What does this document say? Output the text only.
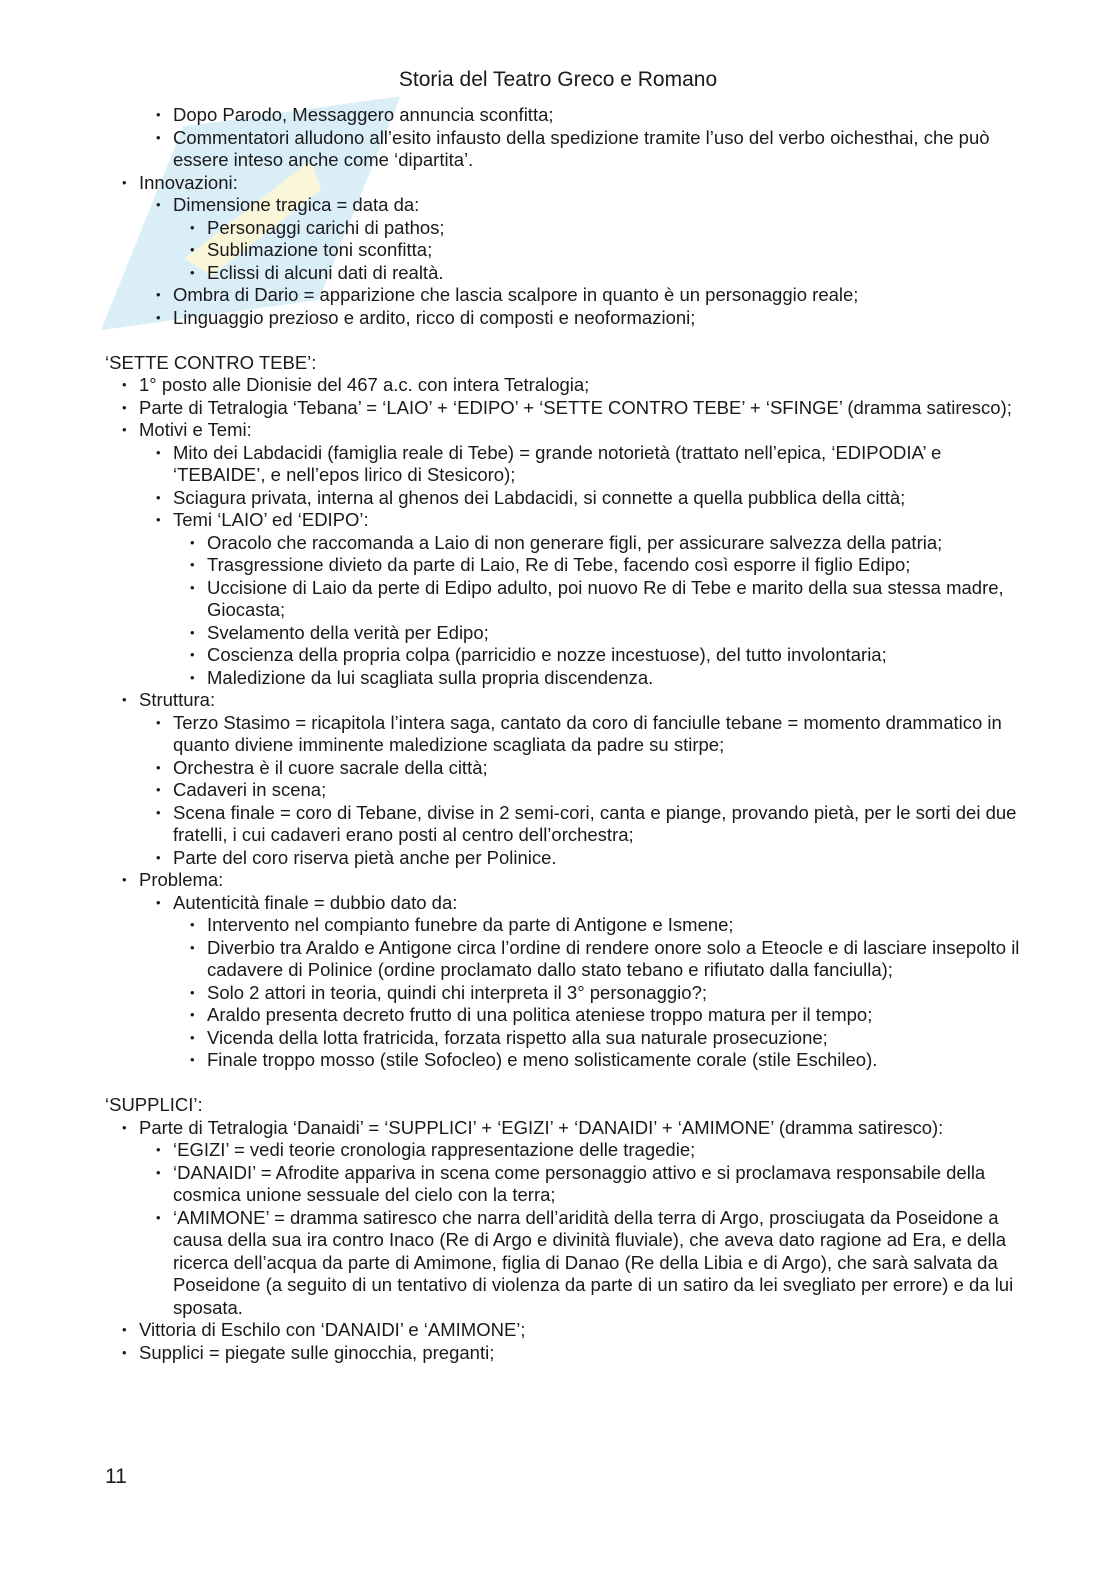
Storia del Teatro Greco e Romano
• Dopo Parodo, Messaggero annuncia sconfitta;
• Commentatori alludono all’esito infausto della spedizione tramite l’uso del verbo oichesthai, che può essere inteso anche come ‘dipartita’.
• Innovazioni:
• Dimensione tragica = data da:
• Personaggi carichi di pathos;
• Sublimazione toni sconfitta;
• Eclissi di alcuni dati di realtà.
• Ombra di Dario = apparizione che lascia scalpore in quanto è un personaggio reale;
• Linguaggio prezioso e ardito, ricco di composti e neoformazioni;

‘SETTE CONTRO TEBE’:

• 1° posto alle Dionisie del 467 a.c. con intera Tetralogia;
• Parte di Tetralogia ‘Tebana’ = ‘LAIO’ + ‘EDIPO’ + ‘SETTE CONTRO TEBE’ + ‘SFINGE’ (dramma satiresco);
• Motivi e Temi:
• Mito dei Labdacidi (famiglia reale di Tebe) = grande notorietà (trattato nell’epica, ‘EDIPODIA’ e ‘TEBAIDE’, e nell’epos lirico di Stesicoro);
• Sciagura privata, interna al ghenos dei Labdacidi, si connette a quella pubblica della città;
• Temi ‘LAIO’ ed ‘EDIPO’:
• Oracolo che raccomanda a Laio di non generare figli, per assicurare salvezza della patria;
• Trasgressione divieto da parte di Laio, Re di Tebe, facendo così esporre il figlio Edipo;
• Uccisione di Laio da perte di Edipo adulto, poi nuovo Re di Tebe e marito della sua stessa madre, Giocasta;
• Svelamento della verità per Edipo;
• Coscienza della propria colpa (parricidio e nozze incestuose), del tutto involontaria;
• Maledizione da lui scagliata sulla propria discendenza.
• Struttura:
• Terzo Stasimo = ricapitola l’intera saga, cantato da coro di fanciulle tebane = momento drammatico in quanto diviene imminente maledizione scagliata da padre su stirpe;
• Orchestra è il cuore sacrale della città;
• Cadaveri in scena;
• Scena finale = coro di Tebane, divise in 2 semi-cori, canta e piange, provando pietà, per le sorti dei due fratelli, i cui cadaveri erano posti al centro dell’orchestra;
• Parte del coro riserva pietà anche per Polinice.
• Problema:
• Autenticità finale = dubbio dato da:
• Intervento nel compianto funebre da parte di Antigone e Ismene;
• Diverbio tra Araldo e Antigone circa l’ordine di rendere onore solo a Eteocle e di lasciare insepolto il cadavere di Polinice (ordine proclamato dallo stato tebano e rifiutato dalla fanciulla);
• Solo 2 attori in teoria, quindi chi interpreta il 3° personaggio?;
• Araldo presenta decreto frutto di una politica ateniese troppo matura per il tempo;
• Vicenda della lotta fratricida, forzata rispetto alla sua naturale prosecuzione;
• Finale troppo mosso (stile Sofocleo) e meno solisticamente corale (stile Eschileo).

‘SUPPLICI’:

• Parte di Tetralogia ‘Danaidi’ = ‘SUPPLICI’ + ‘EGIZI’ + ‘DANAIDI’ + ‘AMIMONE’ (dramma satiresco):
• ‘EGIZI’ = vedi teorie cronologia rappresentazione delle tragedie;
• ‘DANAIDI’ = Afrodite appariva in scena come personaggio attivo e si proclamava responsabile della cosmica unione sessuale del cielo con la terra;
• ‘AMIMONE’ = dramma satiresco che narra dell’aridità della terra di Argo, prosciugata da Poseidone a causa della sua ira contro Inaco (Re di Argo e divinità fluviale), che aveva dato ragione ad Era, e della ricerca dell’acqua da parte di Amimone, figlia di Danao (Re della Libia e di Argo), che sarà salvata da Poseidone (a seguito di un tentativo di violenza da parte di un satiro da lei svegliato per errore) e da lui sposata.
• Vittoria di Eschilo con ‘DANAIDI’ e ‘AMIMONE’;
• Supplici = piegate sulle ginocchia, preganti;
11
